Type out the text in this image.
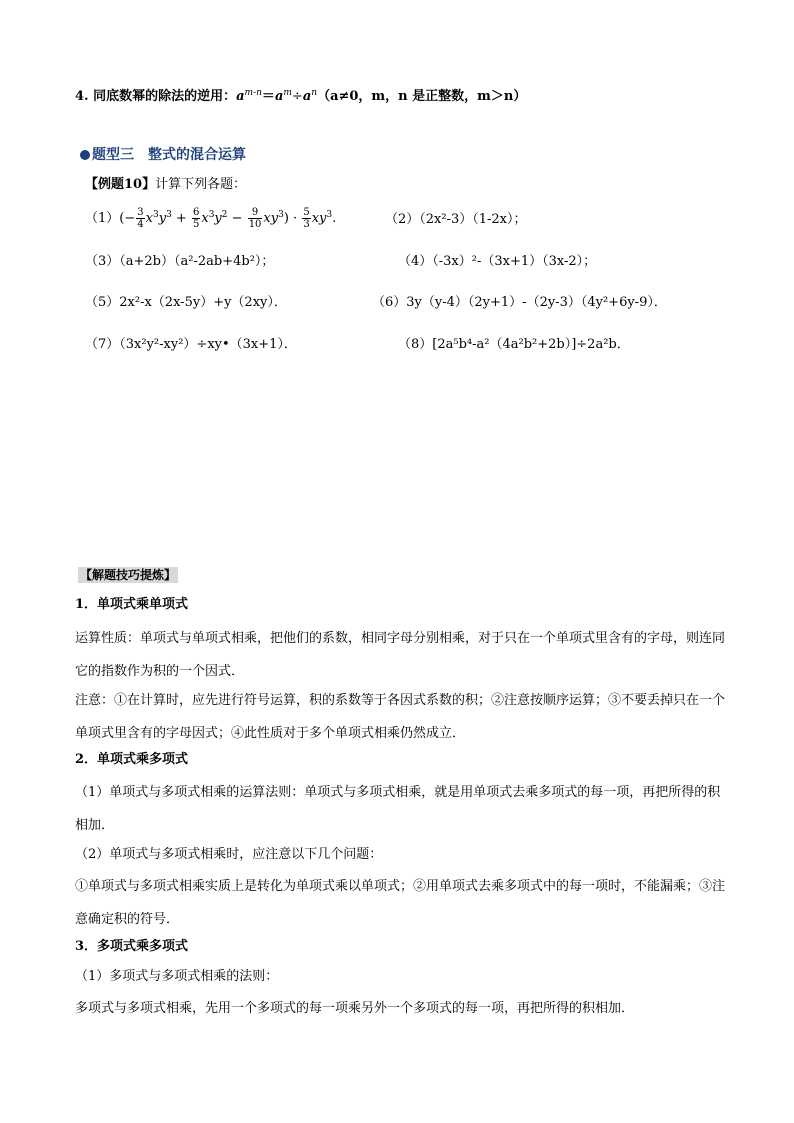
4. 同底数幂的除法的逆用：$a^{m-n}=a^m\div a^n(a\ne 0$，m，n 是正整数，m＞n）
题型三　整式的混合运算
【例题10】计算下列各题：
$(1)(- \frac{3}{4} x^3y^3 + \frac{6}{5} x^3y^2 - \frac{9}{10} xy^3) \cdot \frac{5}{3} xy^3$.	（2）（2x²-3）（1-2x）；
（3）（a+2b）（a²-2ab+4b²）；	（4）（-3x）²-（3x+1）（3x-2）；
（5）2x²-x（2x-5y）+y（2xy）．	（6）3y（y-4）（2y+1）-（2y-3）（4y²+6y-9）．
（7）（3x²y²-xy²）÷xy•（3x+1）．	（8）[2a⁵b⁴-a²（4a²b²+2b）]÷2a²b．
【解题技巧提炼】
1．单项式乘单项式
运算性质：单项式与单项式相乘，把他们的系数，相同字母分别相乘，对于只在一个单项式里含有的字母，则连同它的指数作为积的一个因式．
注意：①在计算时，应先进行符号运算，积的系数等于各因式系数的积；②注意按顺序运算；③不要丢掉只在一个单项式里含有的字母因式；④此性质对于多个单项式相乘仍然成立．
2．单项式乘多项式
（1）单项式与多项式相乘的运算法则：单项式与多项式相乘，就是用单项式去乘多项式的每一项，再把所得的积相加．
（2）单项式与多项式相乘时，应注意以下几个问题：
①单项式与多项式相乘实质上是转化为单项式乘以单项式；②用单项式去乘多项式中的每一项时，不能漏乘；③注意确定积的符号．
3．多项式乘多项式
（1）多项式与多项式相乘的法则：
多项式与多项式相乘，先用一个多项式的每一项乘另外一个多项式的每一项，再把所得的积相加．
